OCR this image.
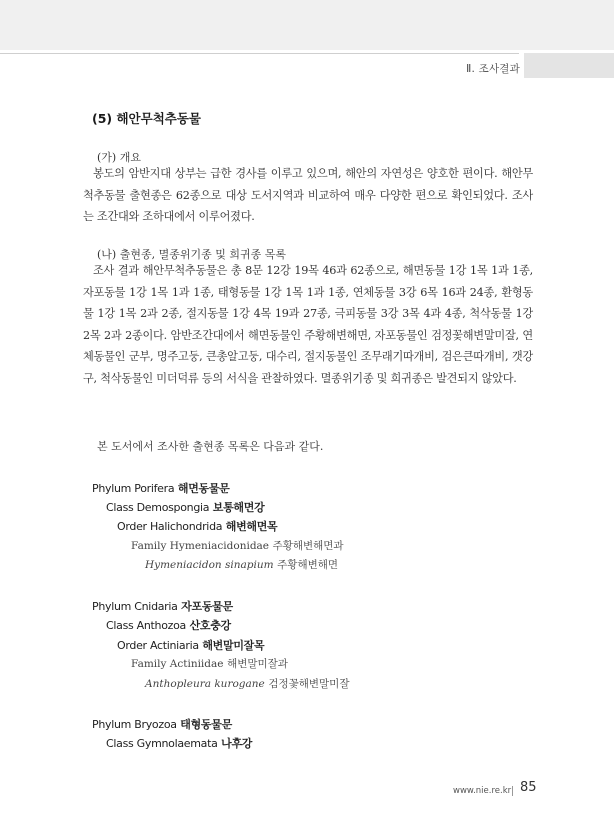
Ⅱ. 조사결과
(5) 해안무척추동물
(가) 개요
봉도의 암반지대 상부는 급한 경사를 이루고 있으며, 해안의 자연성은 양호한 편이다. 해안무척추동물 출현종은 62종으로 대상 도서지역과 비교하여 매우 다양한 편으로 확인되었다. 조사는 조간대와 조하대에서 이루어졌다.
(나) 출현종, 멸종위기종 및 희귀종 목록
조사 결과 해안무척추동물은 총 8문 12강 19목 46과 62종으로, 해면동물 1강 1목 1과 1종, 자포동물 1강 1목 1과 1종, 태형동물 1강 1목 1과 1종, 연체동물 3강 6목 16과 24종, 환형동물 1강 1목 2과 2종, 절지동물 1강 4목 19과 27종, 극피동물 3강 3목 4과 4종, 척삭동물 1강 2목 2과 2종이다. 암반조간대에서 해면동물인 주황해변해면, 자포동물인 검정꽃해변말미잘, 연체동물인 군부, 명주고둥, 큰총알고둥, 대수리, 절지동물인 조무래기따개비, 검은큰따개비, 갯강구, 척삭동물인 미더덕류 등의 서식을 관찰하였다. 멸종위기종 및 희귀종은 발견되지 않았다.
본 도서에서 조사한 출현종 목록은 다음과 같다.
Phylum Porifera 해면동물문
Class Demospongia 보통해면강
Order Halichondrida 해변해면목
Family Hymeniacidonidae 주황해변해면과
Hymeniacidon sinapium 주황해변해면
Phylum Cnidaria 자포동물문
Class Anthozoa 산호충강
Order Actiniaria 해변말미잘목
Family Actiniidae 해변말미잘과
Anthopleura kurogane 검정꽃해변말미잘
Phylum Bryozoa 태형동물문
Class Gymnolaemata 나후강
www.nie.re.kr 85
